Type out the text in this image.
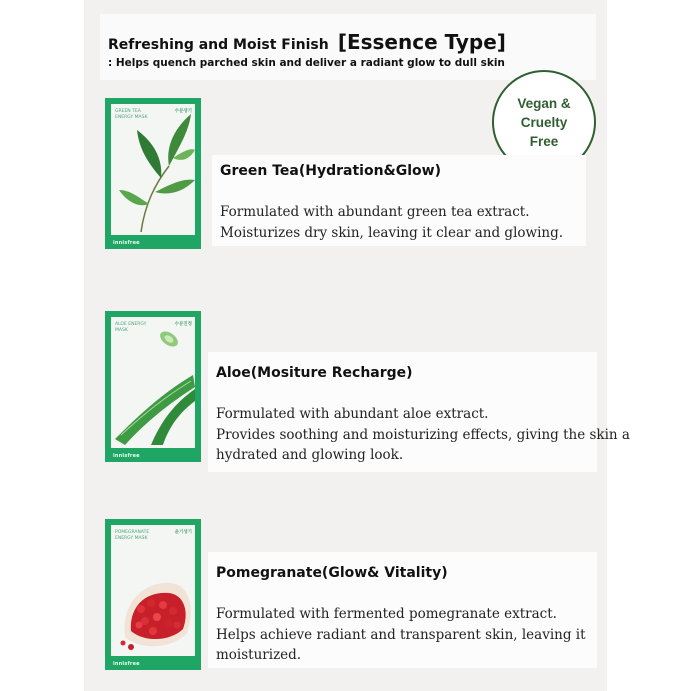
Refreshing and Moist Finish [Essence Type]
: Helps quench parched skin and deliver a radiant glow to dull skin
Vegan &
Cruelty
Free
GREEN TEA ENERGY MASK
수분생기
innisfree
Green Tea(Hydration&Glow)
Formulated with abundant green tea extract.
Moisturizes dry skin, leaving it clear and glowing.
ALOE ENERGY MASK
수분진정
innisfree
Aloe(Mositure Recharge)
Formulated with abundant aloe extract.
Provides soothing and moisturizing effects, giving the skin a
hydrated and glowing look.
POMEGRANATE ENERGY MASK
윤기생기
innisfree
Pomegranate(Glow& Vitality)
Formulated with fermented pomegranate extract.
Helps achieve radiant and transparent skin, leaving it
moisturized.
